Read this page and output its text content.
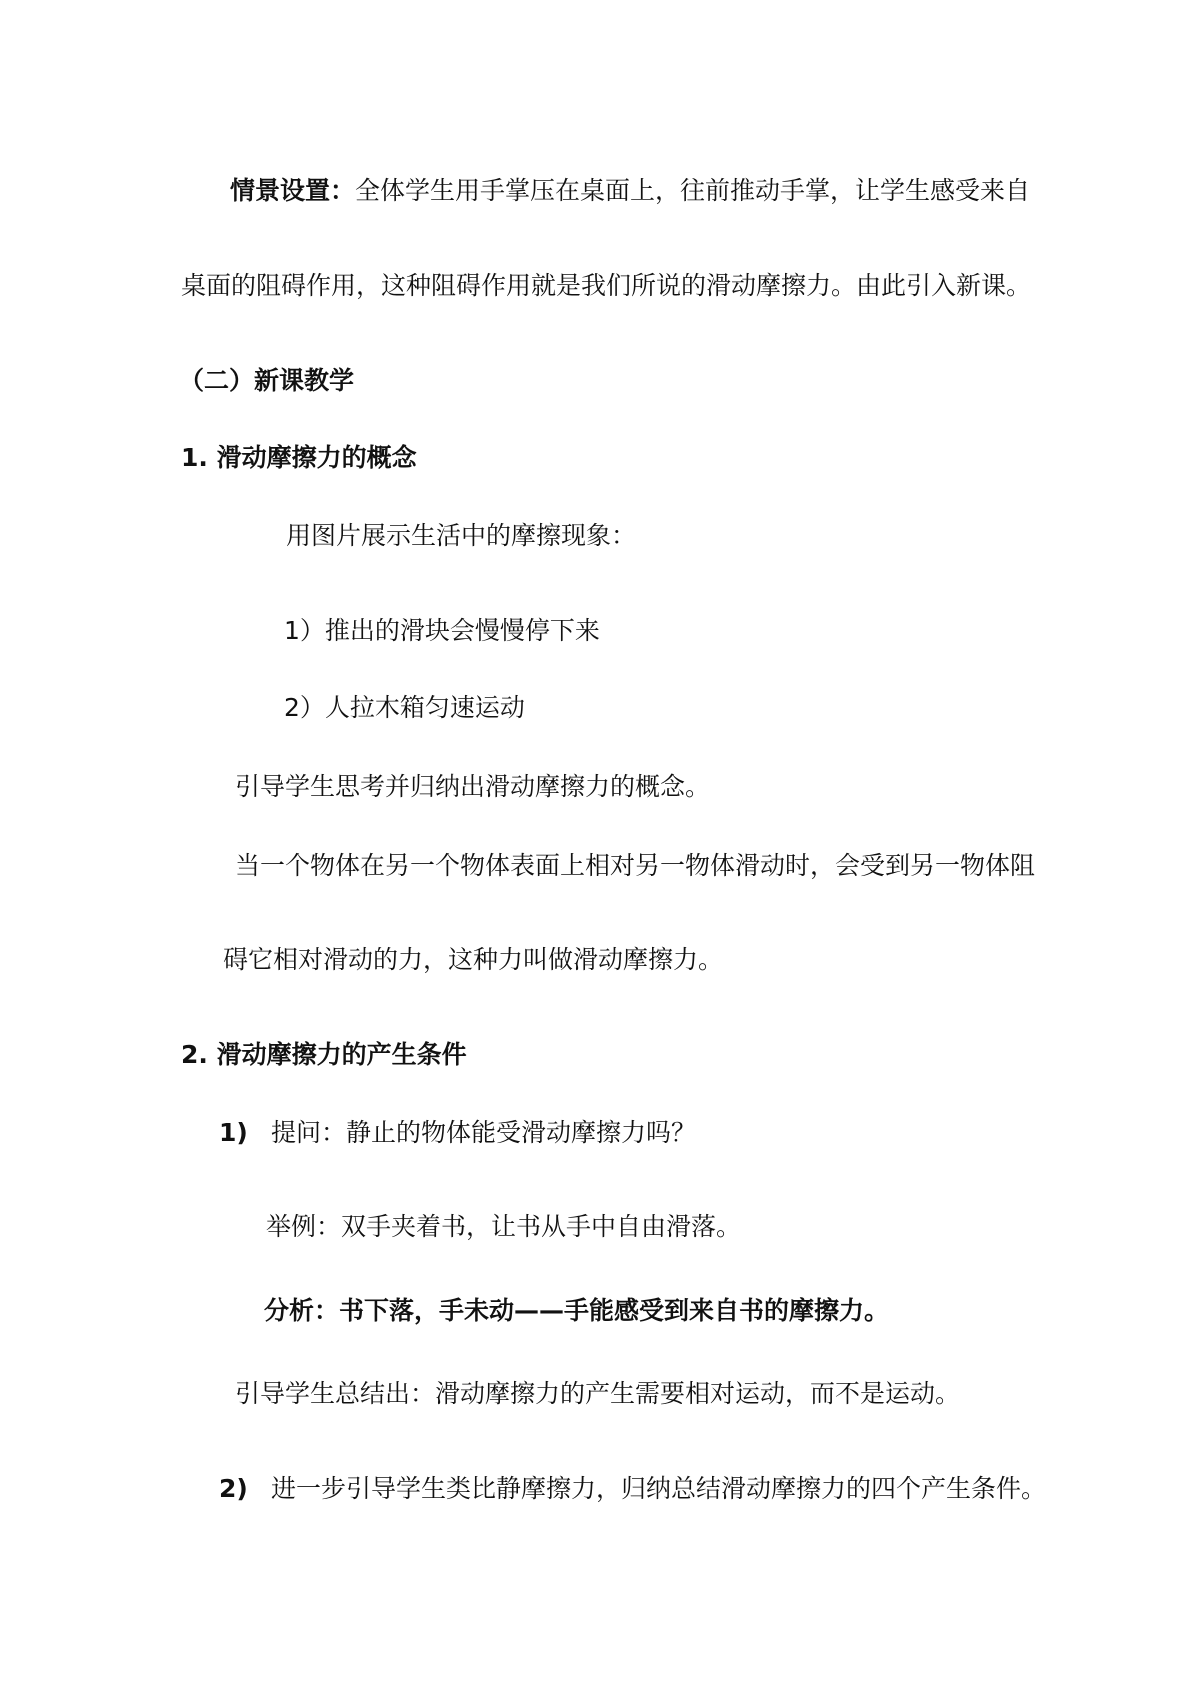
情景设置：全体学生用手掌压在桌面上，往前推动手掌，让学生感受来自
桌面的阻碍作用，这种阻碍作用就是我们所说的滑动摩擦力。由此引入新课。
（二）新课教学
1. 滑动摩擦力的概念
用图片展示生活中的摩擦现象：
1）推出的滑块会慢慢停下来
2）人拉木箱匀速运动
引导学生思考并归纳出滑动摩擦力的概念。
当一个物体在另一个物体表面上相对另一物体滑动时，会受到另一物体阻
碍它相对滑动的力，这种力叫做滑动摩擦力。
2. 滑动摩擦力的产生条件
1) 提问：静止的物体能受滑动摩擦力吗？
举例：双手夹着书，让书从手中自由滑落。
分析：书下落，手未动——手能感受到来自书的摩擦力。
引导学生总结出：滑动摩擦力的产生需要相对运动，而不是运动。
2) 进一步引导学生类比静摩擦力，归纳总结滑动摩擦力的四个产生条件。
